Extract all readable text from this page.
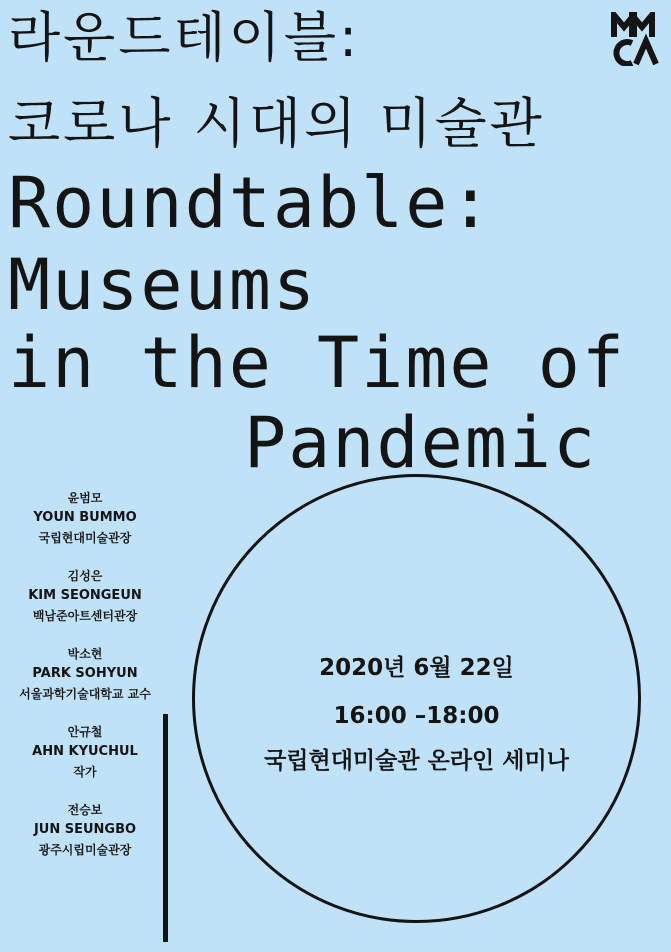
라운드테이블:
코로나 시대의 미술관
Roundtable:
Museums
in the Time of
Pandemic
윤범모
YOUN BUMMO
국립현대미술관장
김성은
KIM SEONGEUN
백남준아트센터관장
박소현
PARK SOHYUN
서울과학기술대학교 교수
안규철
AHN KYUCHUL
작가
전승보
JUN SEUNGBO
광주시립미술관장
2020년 6월 22일
16:00 –18:00
국립현대미술관 온라인 세미나
